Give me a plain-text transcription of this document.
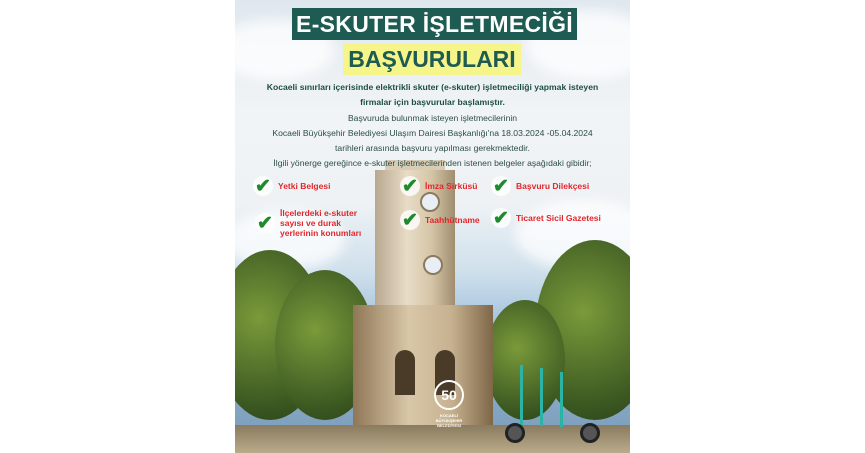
50
KOCAELİ BÜYÜKŞEHİR BELEDİYESİ
E-SKUTER İŞLETMECİĞİ
BAŞVURULARI
Kocaeli sınırları içerisinde elektrikli skuter (e-skuter) işletmeciliği yapmak isteyen
firmalar için başvurular başlamıştır.
Başvuruda bulunmak isteyen işletmecilerinin
Kocaeli Büyükşehir Belediyesi Ulaşım Dairesi Başkanlığı'na 18.03.2024 -05.04.2024
tarihleri arasında başvuru yapılması gerekmektedir.
İlgili yönerge gereğince e-skuter işletmecilerinden istenen belgeler aşağıdaki gibidir;
✔ Yetki Belgesi	✔ İmza Sirküsü ✔ Başvuru Dilekçesi
✔ İlçelerdeki e-skuter sayısı ve durak yerlerinin konumları
✔ Taahhütname ✔ Ticaret Sicil Gazetesi
